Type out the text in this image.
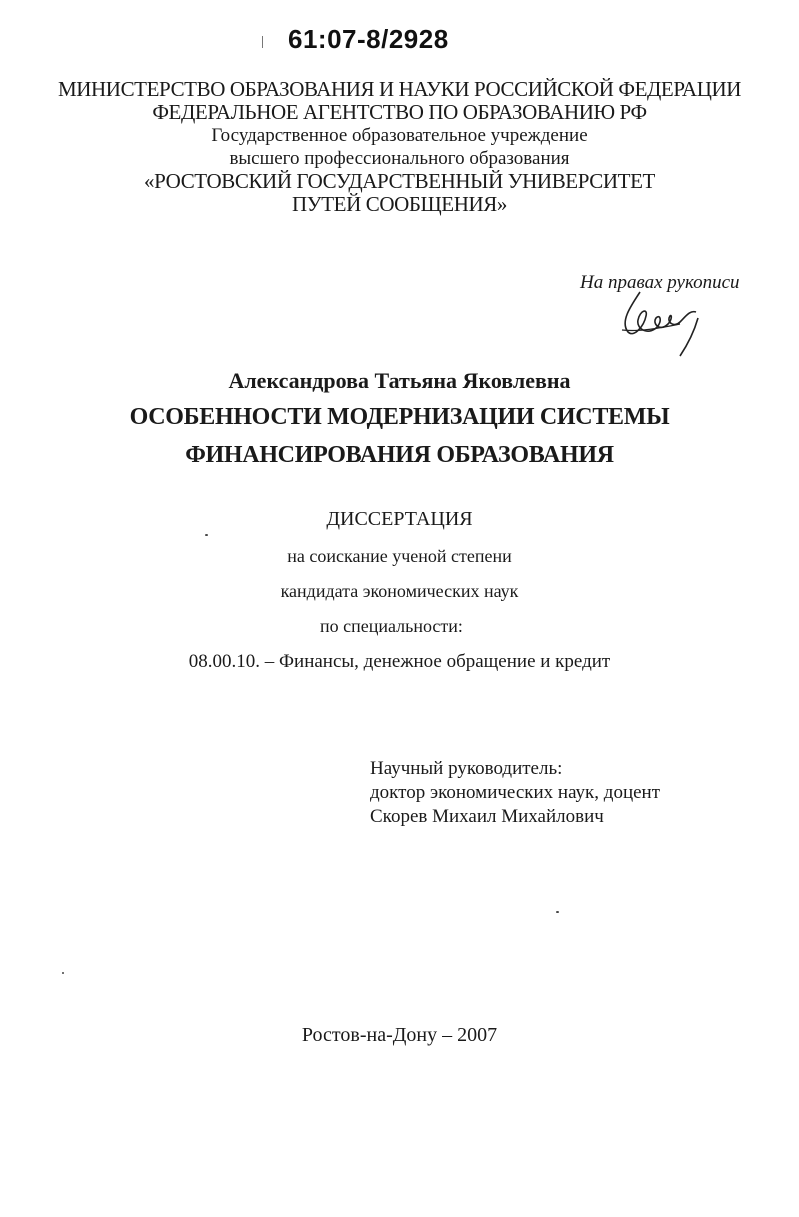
61:07-8/2928
МИНИСТЕРСТВО ОБРАЗОВАНИЯ И НАУКИ РОССИЙСКОЙ ФЕДЕРАЦИИ
ФЕДЕРАЛЬНОЕ АГЕНТСТВО ПО ОБРАЗОВАНИЮ РФ
Государственное образовательное учреждение
высшего профессионального образования
«РОСТОВСКИЙ ГОСУДАРСТВЕННЫЙ УНИВЕРСИТЕТ
ПУТЕЙ СООБЩЕНИЯ»
На правах рукописи
Александрова Татьяна Яковлевна
ОСОБЕННОСТИ МОДЕРНИЗАЦИИ СИСТЕМЫ
ФИНАНСИРОВАНИЯ ОБРАЗОВАНИЯ
ДИССЕРТАЦИЯ
на соискание ученой степени
кандидата экономических наук
по специальности:
08.00.10. – Финансы, денежное обращение и кредит
Научный руководитель:
доктор экономических наук, доцент
Скорев Михаил Михайлович
Ростов-на-Дону – 2007
